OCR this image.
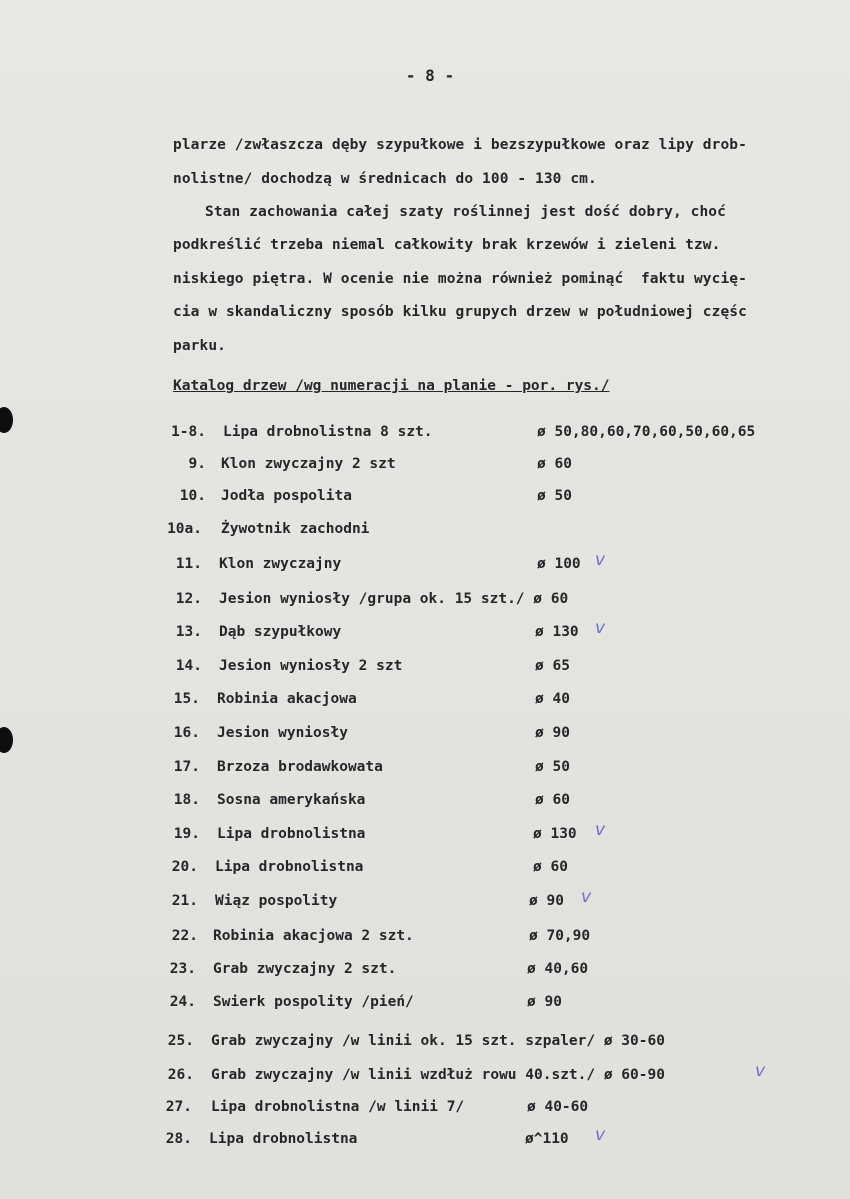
- 8 -
plarze /zwłaszcza dęby szypułkowe i bezszypułkowe oraz lipy drob-
nolistne/ dochodzą w średnicach do 100 - 130 cm.
Stan zachowania całej szaty roślinnej jest dość dobry, choć
podkreślić trzeba niemal całkowity brak krzewów i zieleni tzw.
niskiego piętra. W ocenie nie można również pominąć  faktu wycię-
cia w skandaliczny sposób kilku grupych drzew w południowej częśc
parku.
Katalog drzew /wg numeracji na planie - por. rys./
1-8. Lipa drobnolistna 8 szt.	ø 50,80,60,70,60,50,60,65
9. Klon zwyczajny 2 szt	ø 60
10. Jodła pospolita	ø 50
10a. Żywotnik zachodni
11. Klon zwyczajny	ø 100 v
12. Jesion wyniosły /grupa ok. 15 szt./ ø 60
13. Dąb szypułkowy	ø 130 v
14. Jesion wyniosły 2 szt	ø 65
15. Robinia akacjowa	ø 40
16. Jesion wyniosły	ø 90
17. Brzoza brodawkowata	ø 50
18. Sosna amerykańska	ø 60
19. Lipa drobnolistna	ø 130 v
20. Lipa drobnolistna	ø 60
21. Wiąz pospolity	ø 90 v
22. Robinia akacjowa 2 szt.	ø 70,90
23. Grab zwyczajny 2 szt.	ø 40,60
24. Swierk pospolity /pień/	ø 90
25. Grab zwyczajny /w linii ok. 15 szt. szpaler/ ø 30-60
26. Grab zwyczajny /w linii wzdłuż rowu 40.szt./ ø 60-90	v
27. Lipa drobnolistna /w linii 7/	ø 40-60
28. Lipa drobnolistna	ø^110 v
